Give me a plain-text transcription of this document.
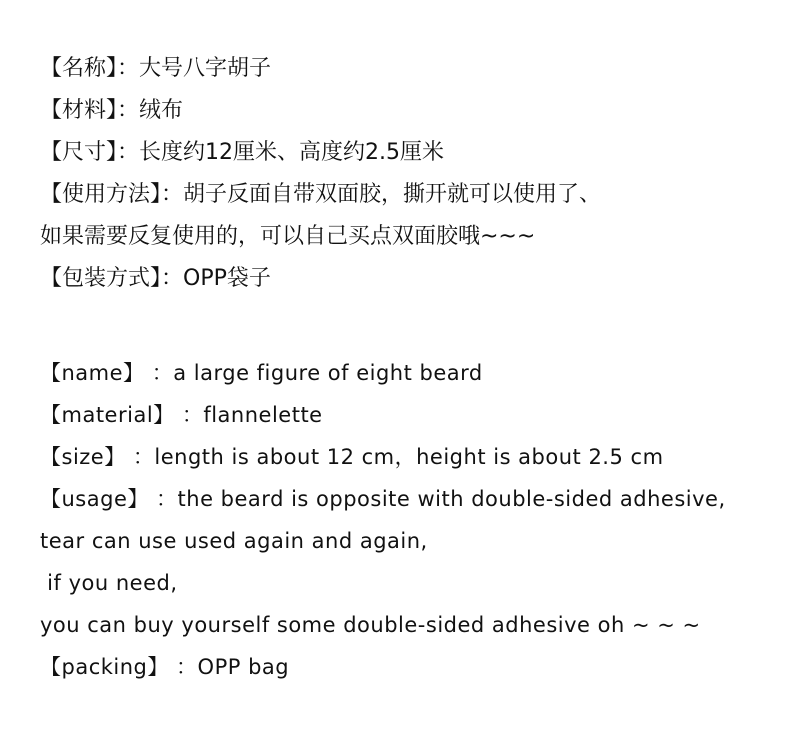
【名称】：大号八字胡子
【材料】：绒布
【尺寸】：长度约12厘米、高度约2.5厘米
【使用方法】：胡子反面自带双面胶，撕开就可以使用了、
如果需要反复使用的，可以自己买点双面胶哦~~~
【包装方式】：OPP袋子
【name】 ：a large figure of eight beard
【material】 ：flannelette
【size】 ：length is about 12 cm，height is about 2.5 cm
【usage】 ：the beard is opposite with double-sided adhesive,
tear can use used again and again,
if you need,
you can buy yourself some double-sided adhesive oh ~ ~ ~
【packing】 ：OPP bag
